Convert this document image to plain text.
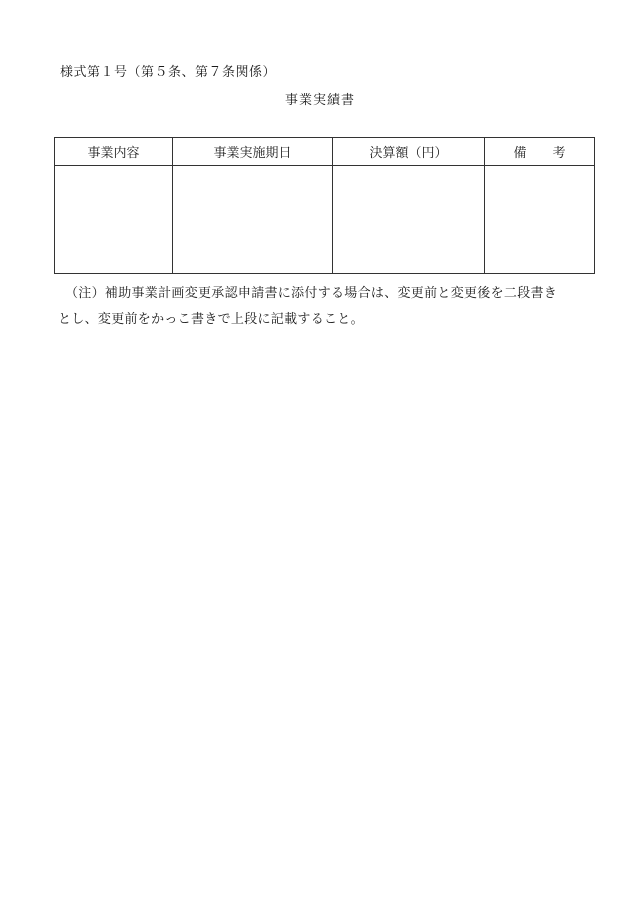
様式第１号（第５条、第７条関係）
事業実績書
事業内容	事業実施期日	決算額（円）	備　　考

（注）補助事業計画変更承認申請書に添付する場合は、変更前と変更後を二段書き
とし、変更前をかっこ書きで上段に記載すること。
